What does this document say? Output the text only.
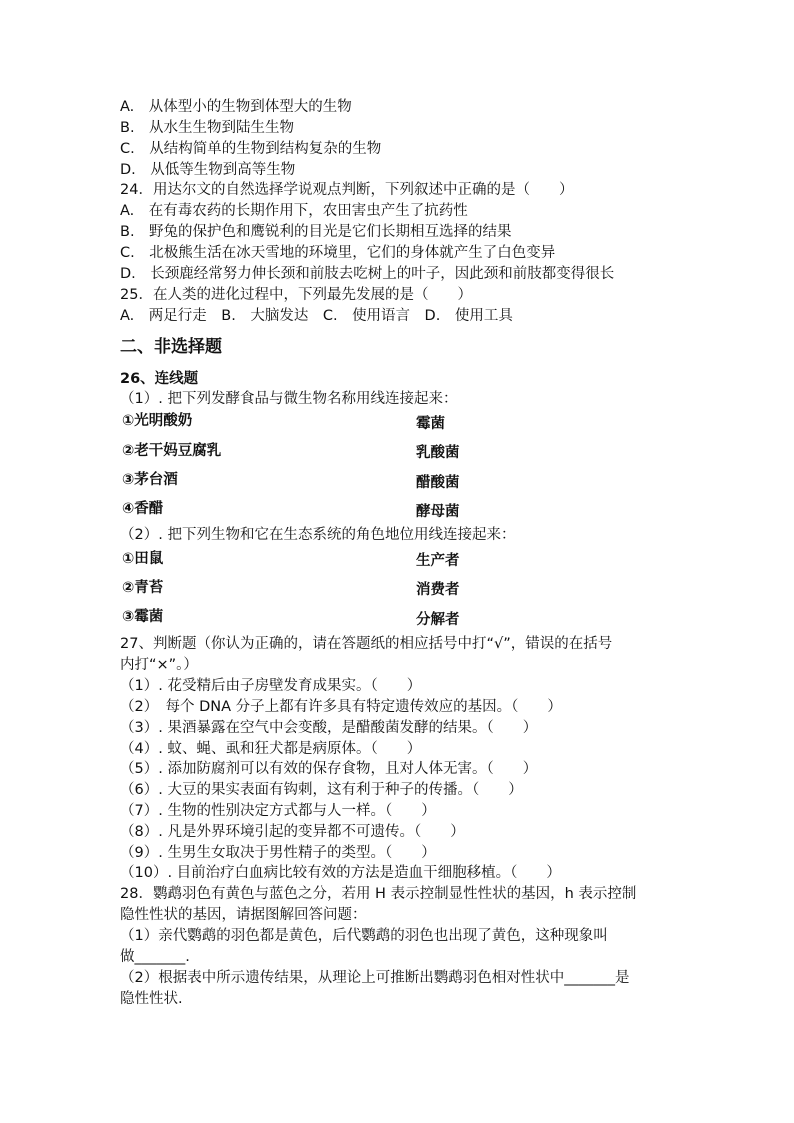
A.　从体型小的生物到体型大的生物
B.　从水生生物到陆生生物
C.　从结构简单的生物到结构复杂的生物
D.　从低等生物到高等生物
24．用达尔文的自然选择学说观点判断，下列叙述中正确的是（　　）
A.　在有毒农药的长期作用下，农田害虫产生了抗药性
B.　野兔的保护色和鹰锐利的目光是它们长期相互选择的结果
C.　北极熊生活在冰天雪地的环境里，它们的身体就产生了白色变异
D.　长颈鹿经常努力伸长颈和前肢去吃树上的叶子，因此颈和前肢都变得很长
25．在人类的进化过程中，下列最先发展的是（　　）
A.　两足行走　B.　大脑发达　C.　使用语言　D.　使用工具
二、非选择题
26、连线题
（1）. 把下列发酵食品与微生物名称用线连接起来：
①光明酸奶	霉菌
②老干妈豆腐乳	乳酸菌
③茅台酒	醋酸菌
④香醋	酵母菌
（2）. 把下列生物和它在生态系统的角色地位用线连接起来：
①田鼠	生产者
②青苔	消费者
③霉菌	分解者
27、判断题（你认为正确的，请在答题纸的相应括号中打“√”，错误的在括号
内打“×”。）
（1）. 花受精后由子房壁发育成果实。（　　）
（2）　每个 DNA 分子上都有许多具有特定遗传效应的基因。（　　）
（3）. 果酒暴露在空气中会变酸，是醋酸菌发酵的结果。（　　）
（4）. 蚊、蝇、虱和狂犬都是病原体。（　　）
（5）. 添加防腐剂可以有效的保存食物，且对人体无害。（　　）
（6）. 大豆的果实表面有钩刺，这有利于种子的传播。（　　）
（7）. 生物的性别决定方式都与人一样。（　　）
（8）. 凡是外界环境引起的变异都不可遗传。（　　）
（9）. 生男生女取决于男性精子的类型。（　　）
（10）. 目前治疗白血病比较有效的方法是造血干细胞移植。（　　）
28．鹦鹉羽色有黄色与蓝色之分，若用 H 表示控制显性性状的基因，h 表示控制
隐性性状的基因，请据图解回答问题：
（1）亲代鹦鹉的羽色都是黄色，后代鹦鹉的羽色也出现了黄色，这种现象叫
做_______.
（2）根据表中所示遗传结果，从理论上可推断出鹦鹉羽色相对性状中_______是
隐性性状.
